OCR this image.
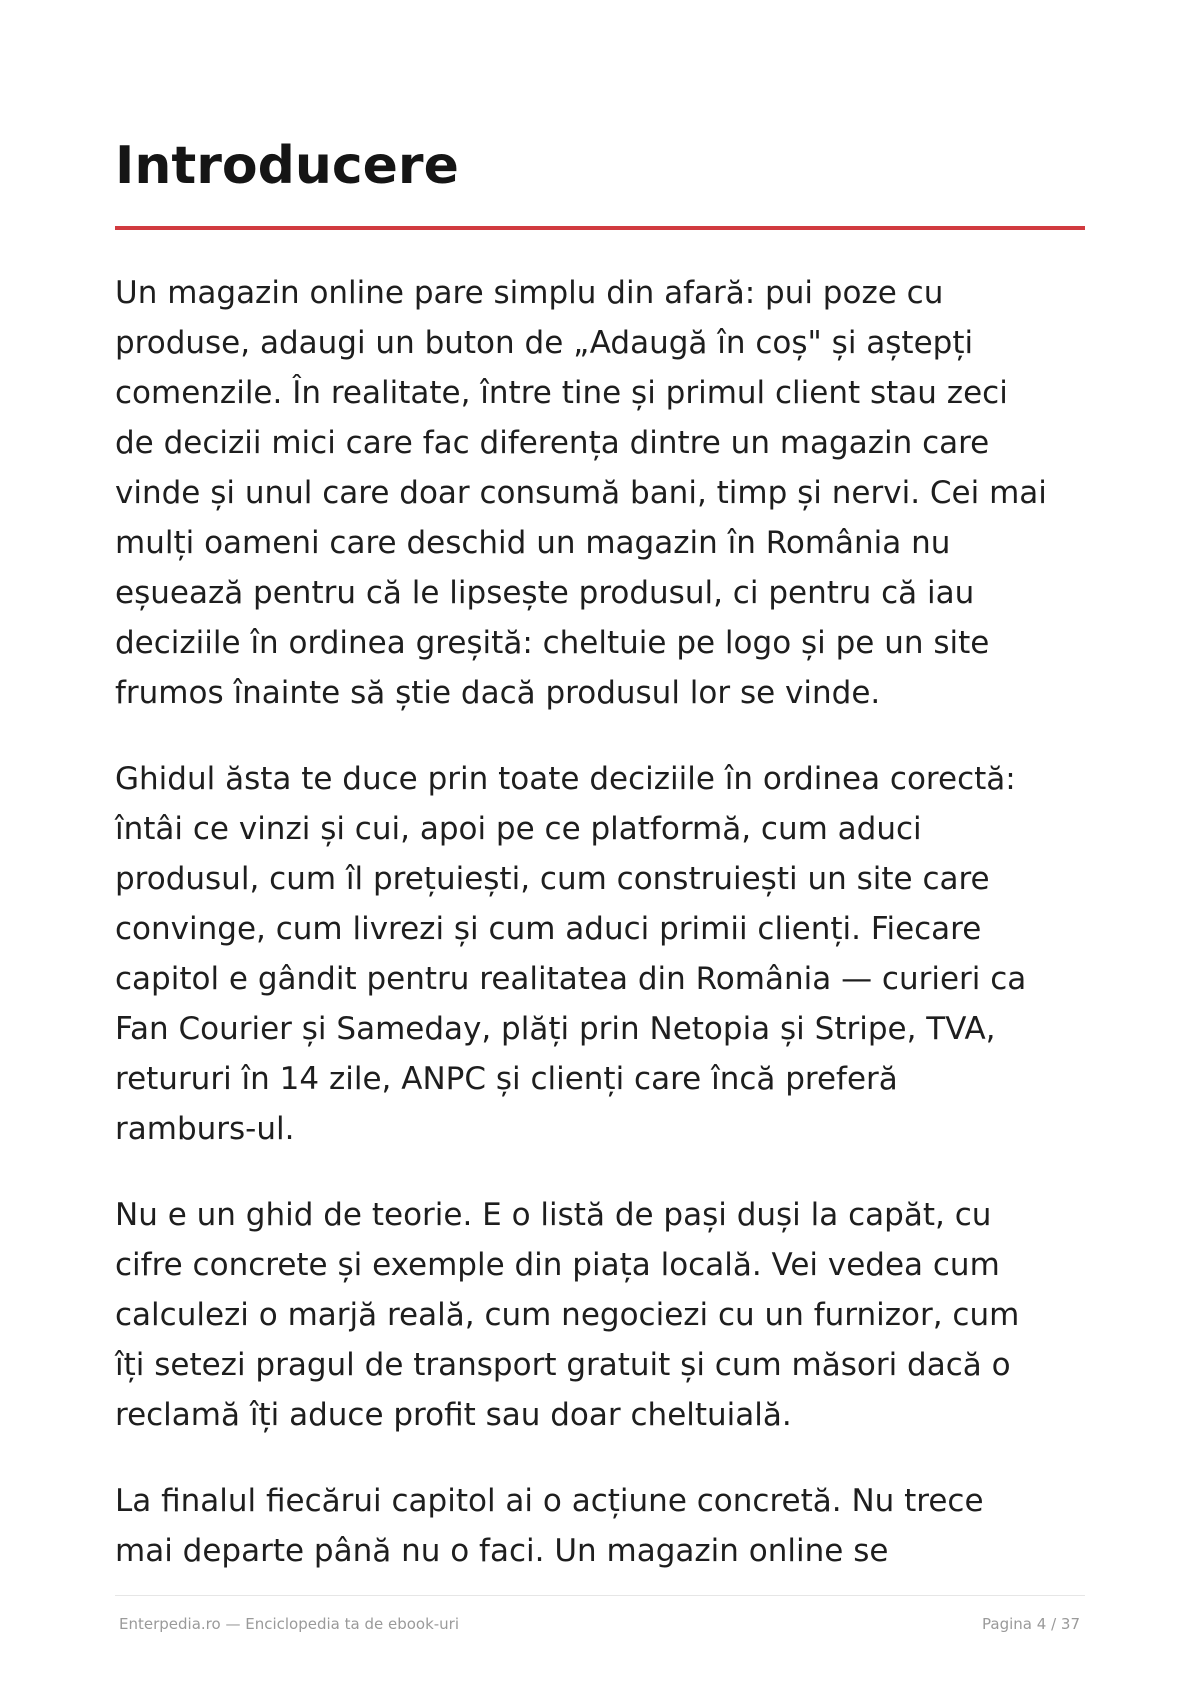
Introducere

Un magazin online pare simplu din afară: pui poze cu
produse, adaugi un buton de „Adaugă în coș" și aștepți
comenzile. În realitate, între tine și primul client stau zeci
de decizii mici care fac diferența dintre un magazin care
vinde și unul care doar consumă bani, timp și nervi. Cei mai
mulți oameni care deschid un magazin în România nu
eșuează pentru că le lipsește produsul, ci pentru că iau
deciziile în ordinea greșită: cheltuie pe logo și pe un site
frumos înainte să știe dacă produsul lor se vinde.

Ghidul ăsta te duce prin toate deciziile în ordinea corectă:
întâi ce vinzi și cui, apoi pe ce platformă, cum aduci
produsul, cum îl prețuiești, cum construiești un site care
convinge, cum livrezi și cum aduci primii clienți. Fiecare
capitol e gândit pentru realitatea din România — curieri ca
Fan Courier și Sameday, plăți prin Netopia și Stripe, TVA,
retururi în 14 zile, ANPC și clienți care încă preferă
ramburs-ul.

Nu e un ghid de teorie. E o listă de pași duși la capăt, cu
cifre concrete și exemple din piața locală. Vei vedea cum
calculezi o marjă reală, cum negociezi cu un furnizor, cum
îți setezi pragul de transport gratuit și cum măsori dacă o
reclamă îți aduce profit sau doar cheltuială.

La finalul fiecărui capitol ai o acțiune concretă. Nu trece
mai departe până nu o faci. Un magazin online se

Enterpedia.ro — Enciclopedia ta de ebook-uri	Pagina 4 / 37
